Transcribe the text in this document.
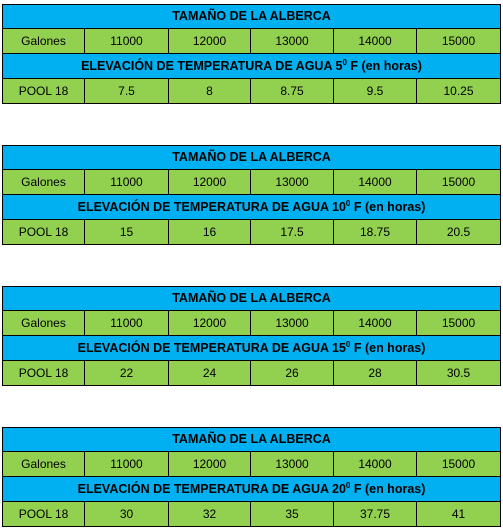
TAMAÑO DE LA ALBERCA					
Galones	11000	12000	13000	14000	15000
ELEVACIÓN DE TEMPERATURA DE AGUA $5^0$ F (en horas)					
POOL 18	7.5	8	8.75	9.5	10.25
TAMAÑO DE LA ALBERCA					
Galones	11000	12000	13000	14000	15000
ELEVACIÓN DE TEMPERATURA DE AGUA $10^0$ F (en horas)					
POOL 18	15	16	17.5	18.75	20.5
TAMAÑO DE LA ALBERCA					
Galones	11000	12000	13000	14000	15000
ELEVACIÓN DE TEMPERATURA DE AGUA $15^0$ F (en horas)					
POOL 18	22	24	26	28	30.5
TAMAÑO DE LA ALBERCA					
Galones	11000	12000	13000	14000	15000
ELEVACIÓN DE TEMPERATURA DE AGUA $20^0$ F (en horas)					
POOL 18	30	32	35	37.75	41
